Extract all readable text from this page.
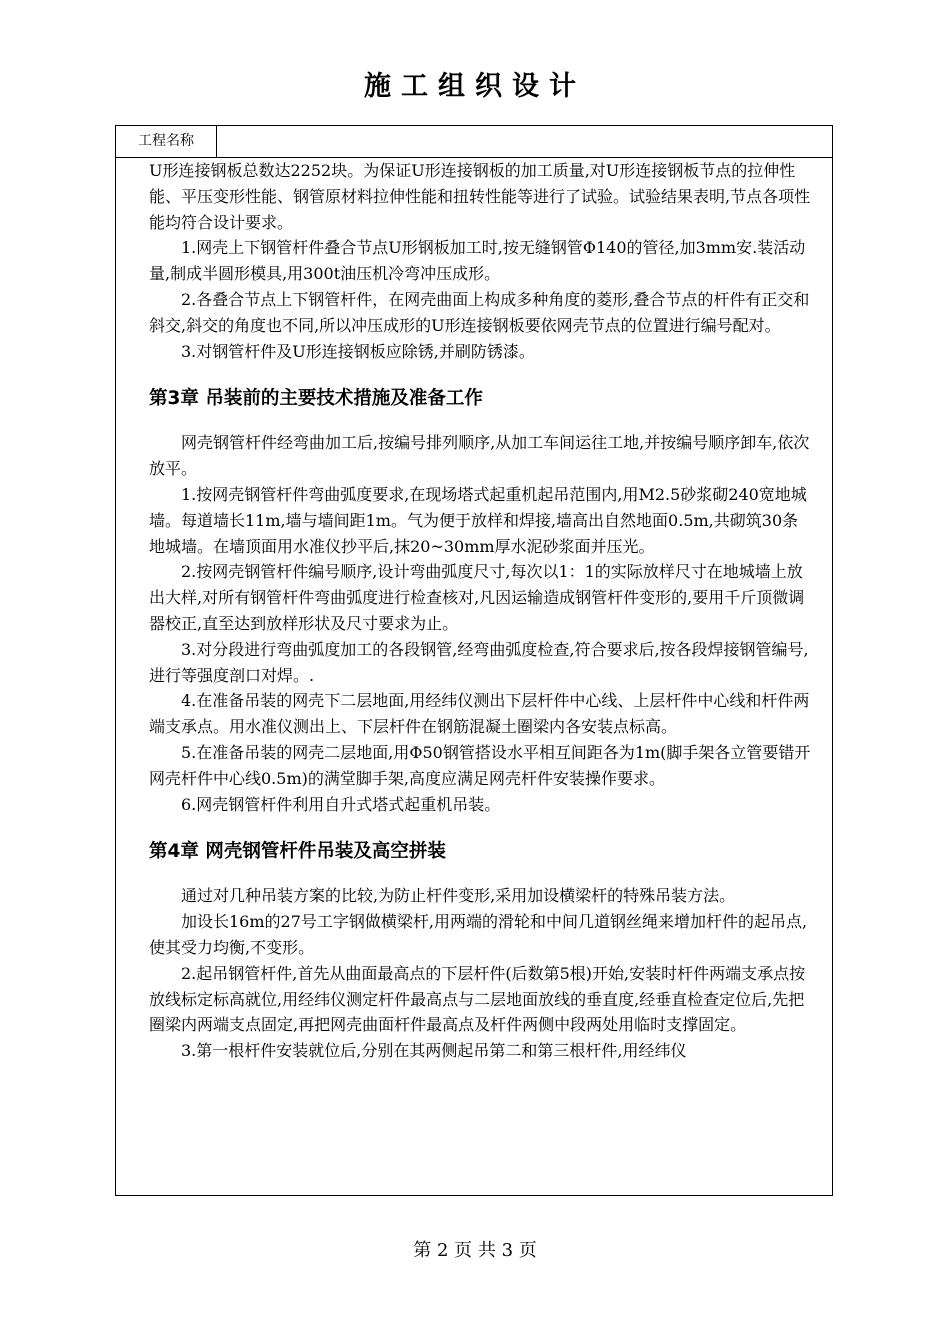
施工组织设计
工程名称

U形连接钢板总数达2252块。为保证U形连接钢板的加工质量,对U形连接钢板节点的拉伸性能、平压变形性能、钢管原材料拉伸性能和扭转性能等进行了试验。试验结果表明,节点各项性能均符合设计要求。

1.网壳上下钢管杆件叠合节点U形钢板加工时,按无缝钢管Φ140的管径,加3mm安.装活动量,制成半圆形模具,用300t油压机冷弯冲压成形。

2.各叠合节点上下钢管杆件，在网壳曲面上构成多种角度的菱形,叠合节点的杆件有正交和斜交,斜交的角度也不同,所以冲压成形的U形连接钢板要依网壳节点的位置进行编号配对。

3.对钢管杆件及U形连接钢板应除锈,并刷防锈漆。

第3章 吊装前的主要技术措施及准备工作

网壳钢管杆件经弯曲加工后,按编号排列顺序,从加工车间运往工地,并按编号顺序卸车,依次放平。

1.按网壳钢管杆件弯曲弧度要求,在现场塔式起重机起吊范围内,用M2.5砂浆砌240宽地城墙。每道墙长11m,墙与墙间距1m。气为便于放样和焊接,墙高出自然地面0.5m,共砌筑30条地城墙。在墙顶面用水准仪抄平后,抹20~30mm厚水泥砂浆面并压光。

2.按网壳钢管杆件编号顺序,设计弯曲弧度尺寸,每次以1：1的实际放样尺寸在地城墙上放出大样,对所有钢管杆件弯曲弧度进行检查核对,凡因运输造成钢管杆件变形的,要用千斤顶微调器校正,直至达到放样形状及尺寸要求为止。

3.对分段进行弯曲弧度加工的各段钢管,经弯曲弧度检查,符合要求后,按各段焊接钢管编号,进行等强度剖口对焊。.

4.在准备吊装的网壳下二层地面,用经纬仪测出下层杆件中心线、上层杆件中心线和杆件两端支承点。用水准仪测出上、下层杆件在钢筋混凝土圈梁内各安装点标高。

5.在准备吊装的网壳二层地面,用Φ50钢管搭设水平相互间距各为1m(脚手架各立管要错开网壳杆件中心线0.5m)的满堂脚手架,高度应满足网壳杆件安装操作要求。

6.网壳钢管杆件利用自升式塔式起重机吊装。

第4章 网壳钢管杆件吊装及高空拼装

通过对几种吊装方案的比较,为防止杆件变形,采用加设横梁杆的特殊吊装方法。

加设长16m的27号工字钢做横梁杆,用两端的滑轮和中间几道钢丝绳来增加杆件的起吊点,使其受力均衡,不变形。

2.起吊钢管杆件,首先从曲面最高点的下层杆件(后数第5根)开始,安装时杆件两端支承点按放线标定标高就位,用经纬仪测定杆件最高点与二层地面放线的垂直度,经垂直检查定位后,先把圈梁内两端支点固定,再把网壳曲面杆件最高点及杆件两侧中段两处用临时支撑固定。

3.第一根杆件安装就位后,分别在其两侧起吊第二和第三根杆件,用经纬仪

第 2 页 共 3 页
